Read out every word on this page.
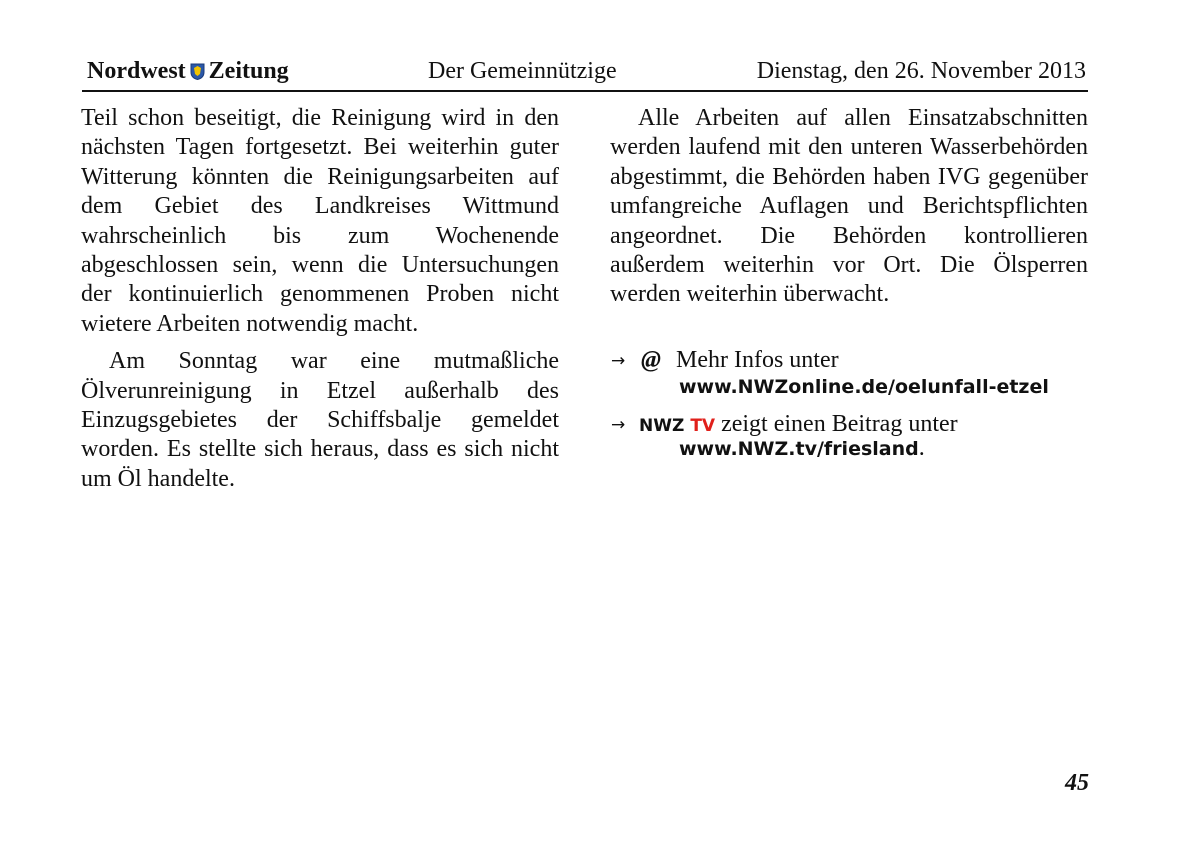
Nordwest Zeitung	Der Gemeinnützige	Dienstag, den 26. November 2013

Teil schon beseitigt, die Reinigung wird in den nächsten Tagen fortgesetzt. Bei weiterhin guter Witterung könnten die Reinigungsarbeiten auf dem Gebiet des Landkreises Wittmund wahrscheinlich bis zum Wochenende abgeschlossen sein, wenn die Untersuchungen der kontinuierlich genommenen Proben nicht wietere Arbeiten notwendig macht.

Am Sonntag war eine mutmaßliche Ölverunreinigung in Etzel außerhalb des Einzugsgebietes der Schiffsbalje gemeldet worden. Es stellte sich heraus, dass es sich nicht um Öl handelte.

Alle Arbeiten auf allen Einsatzabschnitten werden laufend mit den unteren Wasserbehörden abgestimmt, die Behörden haben IVG gegenüber umfangreiche Auflagen und Berichtspflichten angeordnet. Die Behörden kontrollieren außerdem weiterhin vor Ort. Die Ölsperren werden weiterhin überwacht.

→ @ Mehr Infos unter
www.NWZonline.de/oelunfall-etzel
→ NWZ TV zeigt einen Beitrag unter
www.NWZ.tv/friesland.
45
